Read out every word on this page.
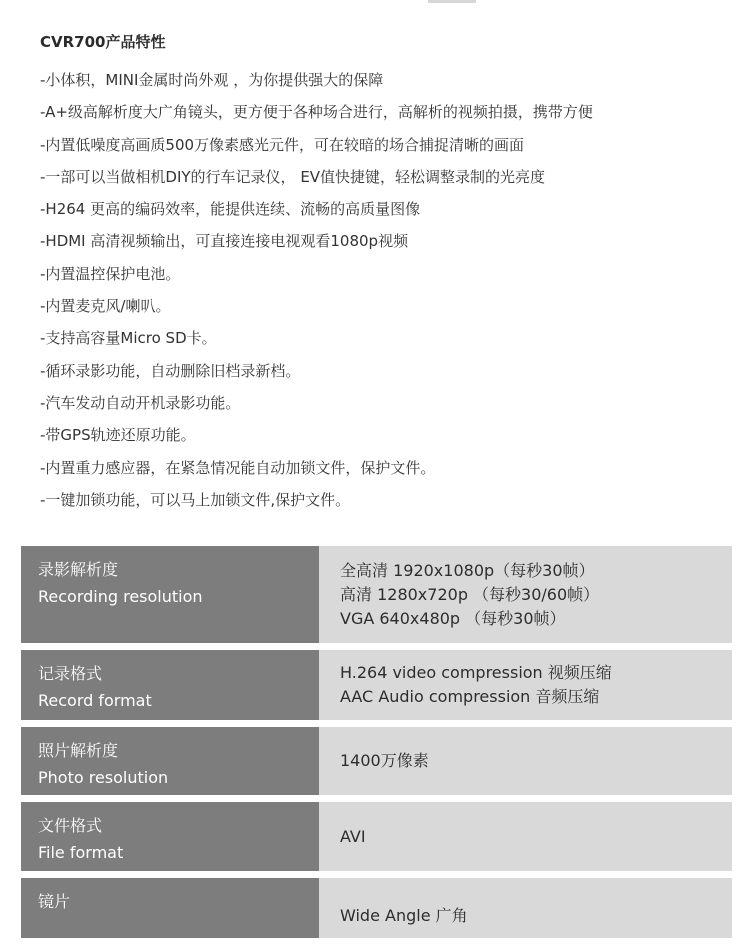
CVR700产品特性
-小体积，MINI金属时尚外观 ，为你提供强大的保障
-A+级高解析度大广角镜头，更方便于各种场合进行，高解析的视频拍摄，携带方便
-内置低噪度高画质500万像素感光元件，可在较暗的场合捕捉清晰的画面
-一部可以当做相机DIY的行车记录仪， EV值快捷键，轻松调整录制的光亮度
-H264 更高的编码效率，能提供连续、流畅的高质量图像
-HDMI 高清视频输出，可直接连接电视观看1080p视频
-内置温控保护电池。
-内置麦克风/喇叭。
-支持高容量Micro SD卡。
-循环录影功能，自动删除旧档录新档。
-汽车发动自动开机录影功能。
-带GPS轨迹还原功能。
-内置重力感应器，在紧急情况能自动加锁文件，保护文件。
-一键加锁功能，可以马上加锁文件,保护文件。
录影解析度
Recording resolution
全高清 1920x1080p（每秒30帧）
高清 1280x720p （每秒30/60帧）
VGA 640x480p （每秒30帧）
记录格式
Record format
H.264 video compression 视频压缩
AAC Audio compression 音频压缩
照片解析度
Photo resolution
1400万像素
文件格式
File format
AVI
镜片
Wide Angle 广角
